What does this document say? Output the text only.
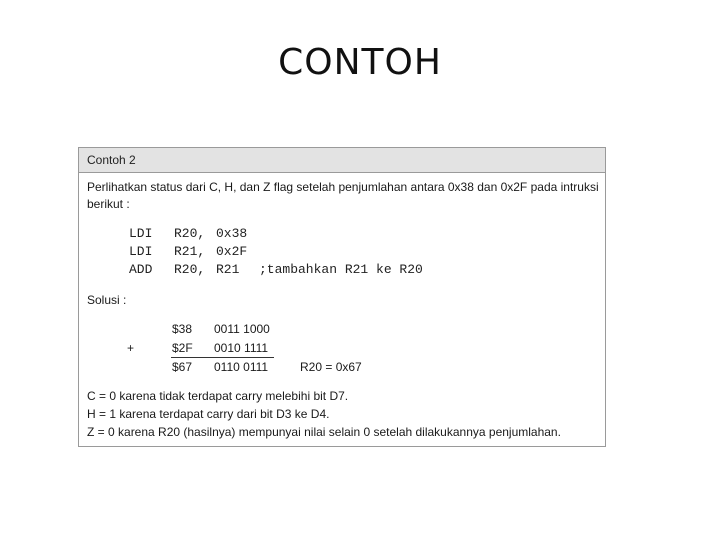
CONTOH
Contoh 2
Perlihatkan status dari C, H, dan Z flag setelah penjumlahan antara 0x38 dan 0x2F pada intruksi
berikut :
LDI R20, 0x38
LDI R21, 0x2F
ADD R20, R21 ;tambahkan R21 ke R20
Solusi :
+
$38 0011 1000
$2F 0010 1111
$67 0110 0111	R20 = 0x67
C = 0 karena tidak terdapat carry melebihi bit D7.
H = 1 karena terdapat carry dari bit D3 ke D4.
Z = 0 karena R20 (hasilnya) mempunyai nilai selain 0 setelah dilakukannya penjumlahan.
